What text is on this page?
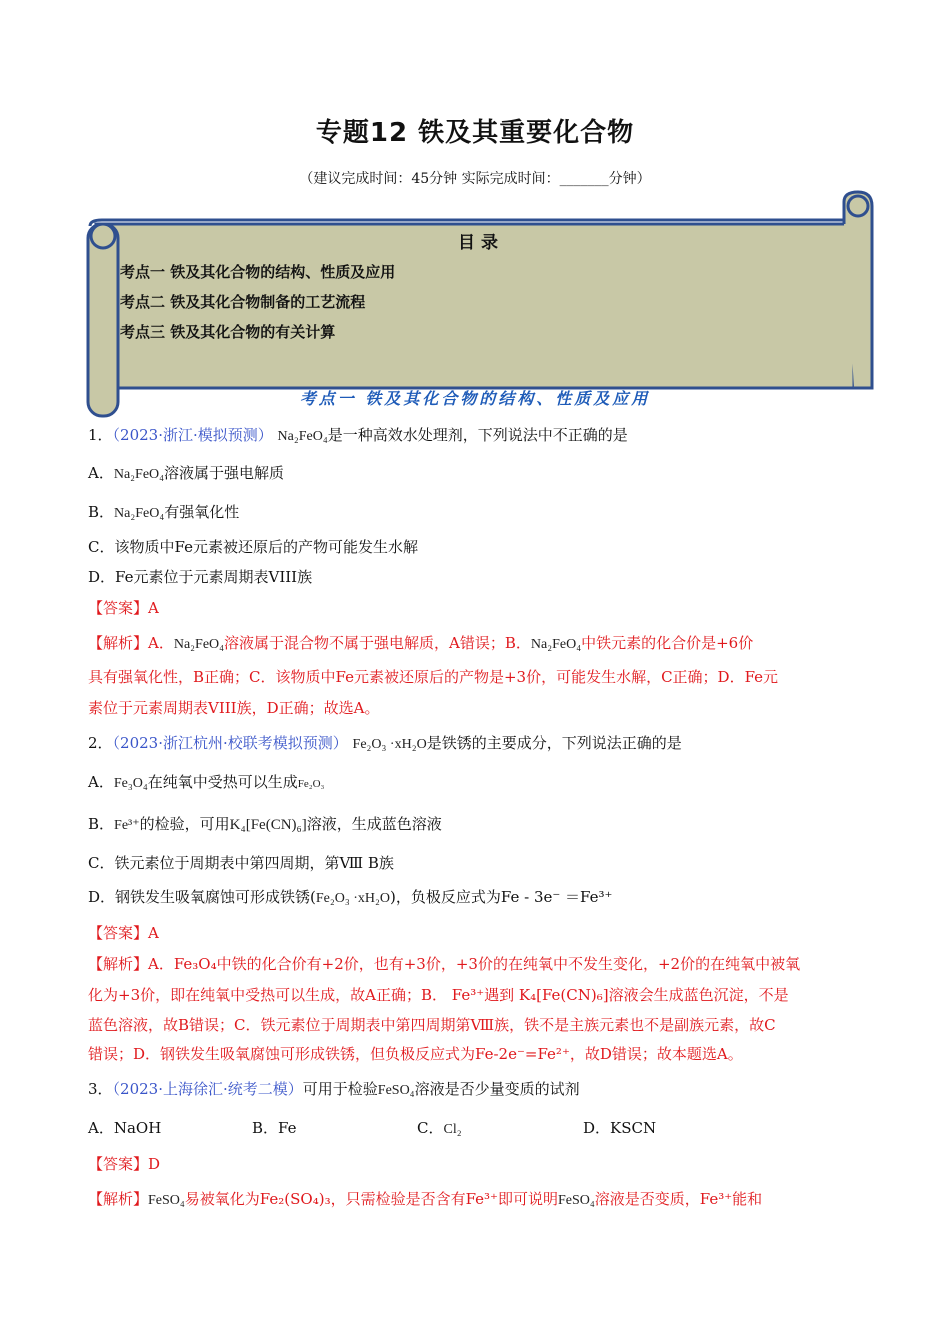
专题12 铁及其重要化合物
（建议完成时间：45分钟 实际完成时间：_______分钟）
目 录
考点一 铁及其化合物的结构、性质及应用
考点二 铁及其化合物制备的工艺流程
考点三 铁及其化合物的有关计算
考点一 铁及其化合物的结构、性质及应用
1．（2023·浙江·模拟预测） Na₂FeO₄是一种高效水处理剂，下列说法中不正确的是
A．Na₂FeO₄溶液属于强电解质
B．Na₂FeO₄有强氧化性
C．该物质中Fe元素被还原后的产物可能发生水解
D．Fe元素位于元素周期表VIII族
【答案】A
【解析】A．Na₂FeO₄溶液属于混合物不属于强电解质，A错误；B．Na₂FeO₄中铁元素的化合价是+6价
具有强氧化性，B正确；C．该物质中Fe元素被还原后的产物是+3价，可能发生水解，C正确；D．Fe元
素位于元素周期表VIII族，D正确；故选A。
2．（2023·浙江杭州·校联考模拟预测） Fe₂O₃ ·xH₂O是铁锈的主要成分，下列说法正确的是
A．Fe₃O₄在纯氧中受热可以生成Fe₂O₃
B．Fe³⁺的检验，可用K₄[Fe(CN)₆]溶液，生成蓝色溶液
C．铁元素位于周期表中第四周期，第Ⅷ B族
D．钢铁发生吸氧腐蚀可形成铁锈(Fe₂O₃ ·xH₂O)，负极反应式为Fe - 3e⁻ ＝Fe³⁺
【答案】A
【解析】A．Fe₃O₄中铁的化合价有+2价，也有+3价，+3价的在纯氧中不发生变化，+2价的在纯氧中被氧
化为+3价，即在纯氧中受热可以生成，故A正确；B． Fe³⁺遇到 K₄[Fe(CN)₆]溶液会生成蓝色沉淀，不是
蓝色溶液，故B错误；C．铁元素位于周期表中第四周期第Ⅷ族，铁不是主族元素也不是副族元素，故C
错误；D．钢铁发生吸氧腐蚀可形成铁锈，但负极反应式为Fe-2e⁻=Fe²⁺，故D错误；故本题选A。
3．（2023·上海徐汇·统考二模）可用于检验FeSO₄溶液是否少量变质的试剂
A．NaOH	B．Fe	C．Cl₂	D．KSCN
【答案】D
【解析】FeSO₄易被氧化为Fe₂(SO₄)₃，只需检验是否含有Fe³⁺即可说明FeSO₄溶液是否变质，Fe³⁺能和
